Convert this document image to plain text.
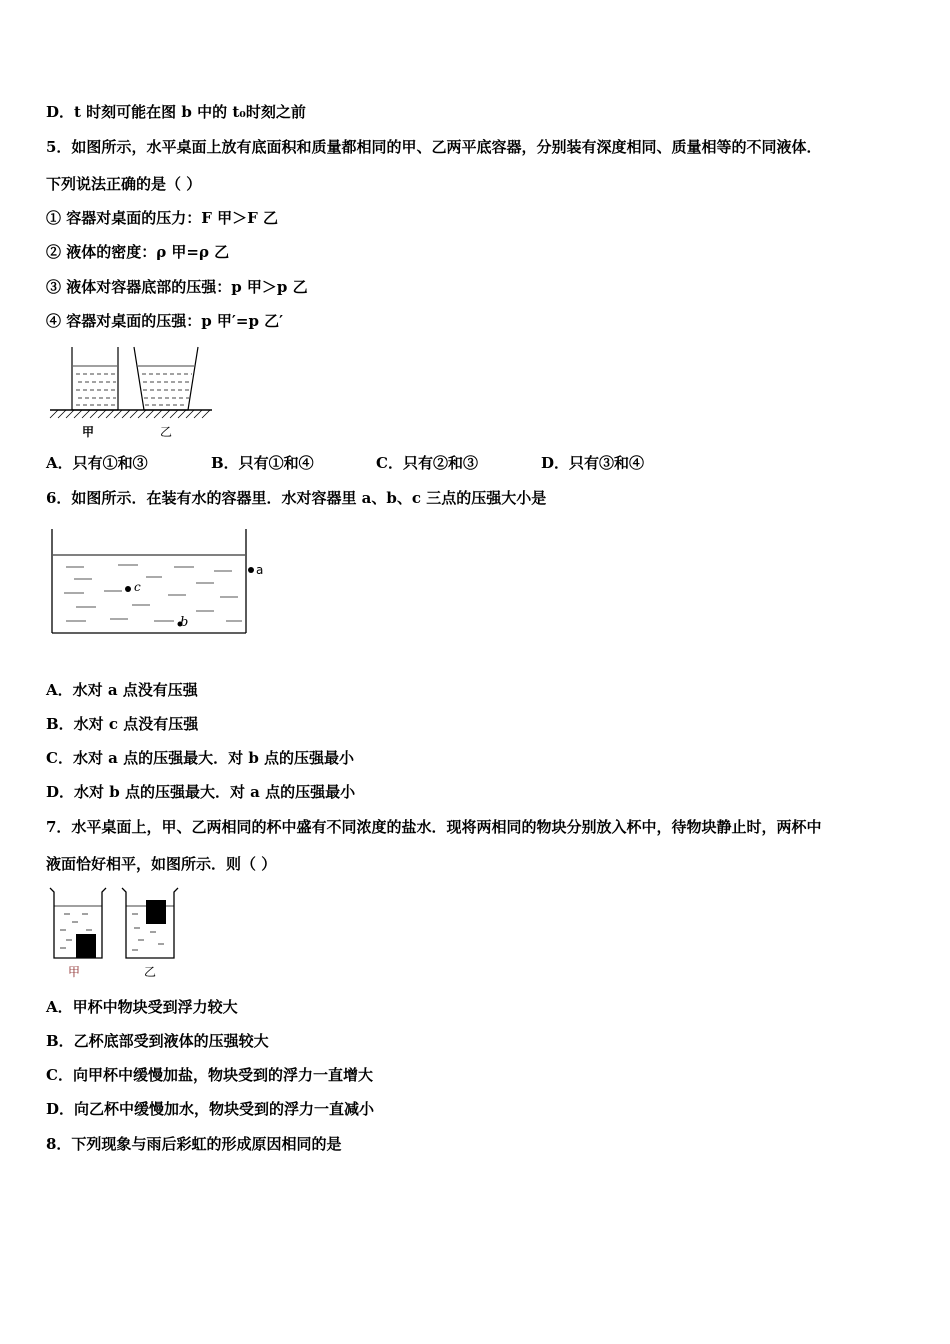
D．t 时刻可能在图 b 中的 t₀时刻之前
5．如图所示，水平桌面上放有底面积和质量都相同的甲、乙两平底容器，分别装有深度相同、质量相等的不同液体．
下列说法正确的是（ ）
① 容器对桌面的压力：F 甲＞F 乙
② 液体的密度：ρ 甲=ρ 乙
③ 液体对容器底部的压强：p 甲＞p 乙
④ 容器对桌面的压强：p 甲′=p 乙′
甲	乙
A．只有①和③	B．只有①和④	C．只有②和③	D．只有③和④
6．如图所示．在装有水的容器里．水对容器里 a、b、c 三点的压强大小是
c
b
a
A．水对 a 点没有压强
B．水对 c 点没有压强
C．水对 a 点的压强最大．对 b 点的压强最小
D．水对 b 点的压强最大．对 a 点的压强最小
7．水平桌面上，甲、乙两相同的杯中盛有不同浓度的盐水．现将两相同的物块分别放入杯中，待物块静止时，两杯中
液面恰好相平，如图所示．则（ ）
甲	乙
A．甲杯中物块受到浮力较大
B．乙杯底部受到液体的压强较大
C．向甲杯中缓慢加盐，物块受到的浮力一直增大
D．向乙杯中缓慢加水，物块受到的浮力一直减小
8．下列现象与雨后彩虹的形成原因相同的是
